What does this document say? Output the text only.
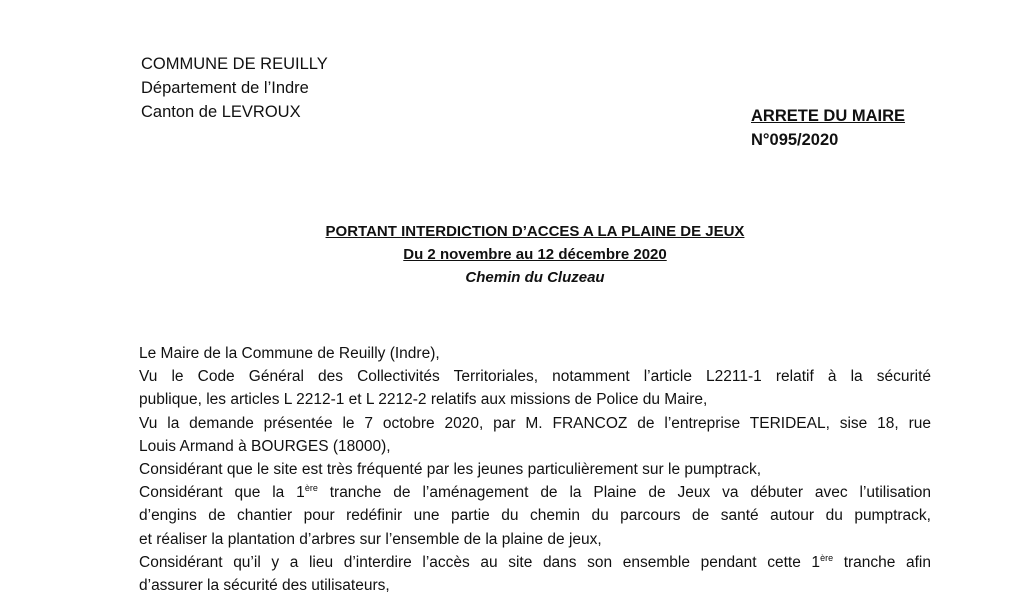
COMMUNE DE REUILLY
Département de l’Indre
Canton de LEVROUX	ARRETE DU MAIRE
N°095/2020
PORTANT INTERDICTION D’ACCES A LA PLAINE DE JEUX
Du 2 novembre au 12 décembre 2020
Chemin du Cluzeau

Le Maire de la Commune de Reuilly (Indre),

Vu le Code Général des Collectivités Territoriales, notamment l’article L2211-1 relatif à la sécurité

publique, les articles L 2212-1 et L 2212-2 relatifs aux missions de Police du Maire,

Vu la demande présentée le 7 octobre 2020, par M. FRANCOZ de l’entreprise TERIDEAL, sise 18, rue

Louis Armand à BOURGES (18000),

Considérant que le site est très fréquenté par les jeunes particulièrement sur le pumptrack,

Considérant que la 1ère tranche de l’aménagement de la Plaine de Jeux va débuter avec l’utilisation

d’engins de chantier pour redéfinir une partie du chemin du parcours de santé autour du pumptrack,

et réaliser la plantation d’arbres sur l’ensemble de la plaine de jeux,

Considérant qu’il y a lieu d’interdire l’accès au site dans son ensemble pendant cette 1ère tranche afin

d’assurer la sécurité des utilisateurs,
